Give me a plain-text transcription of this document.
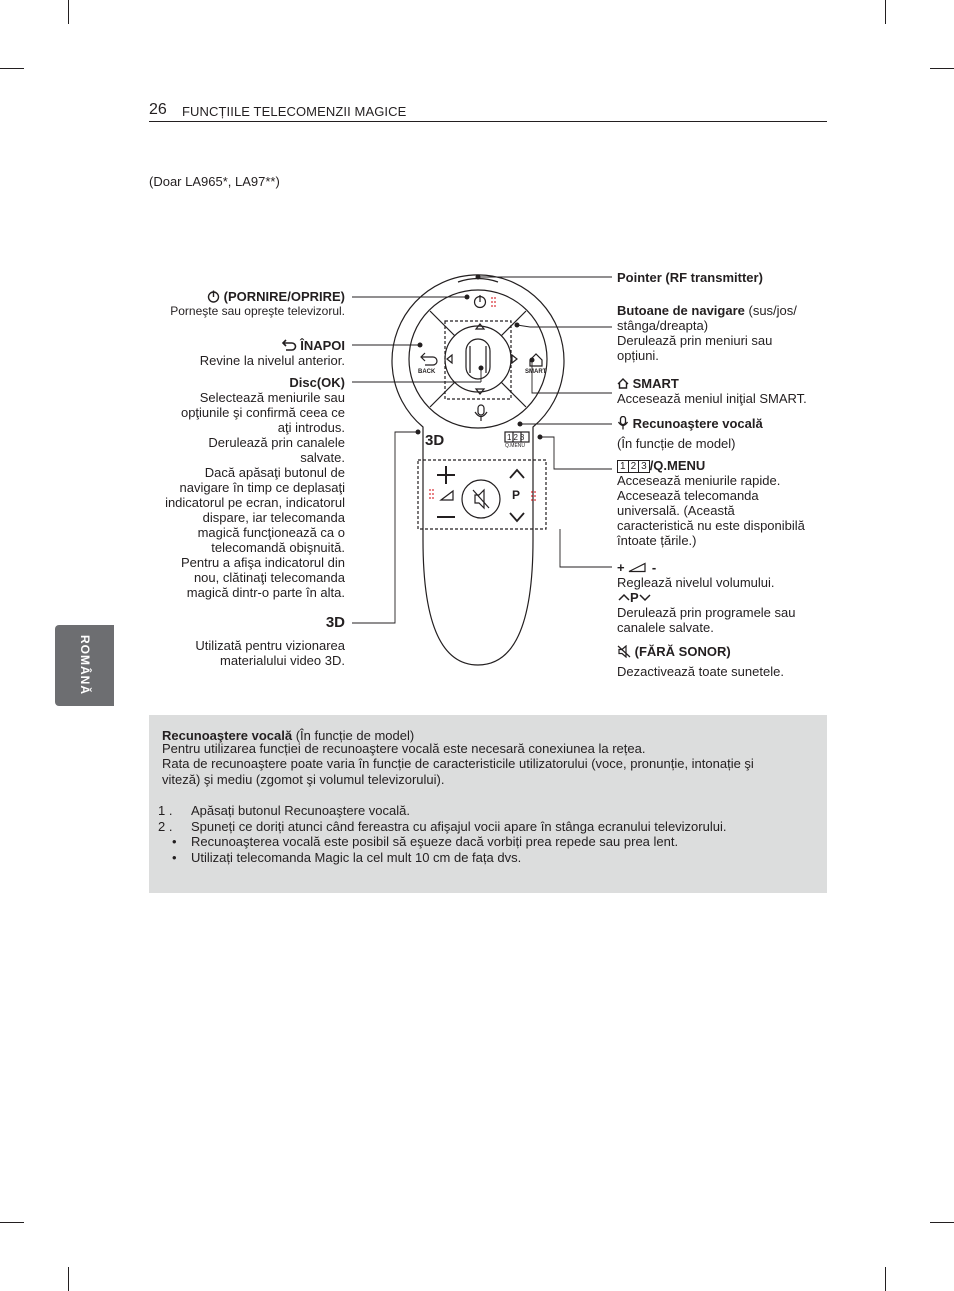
26 FUNCȚIILE TELECOMENZII MAGICE
(Doar LA965*, LA97**)
ROMÂNĂ
BACK	SMART
Q.MENU
123
P
3D
(PORNIRE/OPRIRE)
Porneşte sau opreşte televizorul.
ÎNAPOI
Revine la nivelul anterior.
Disc(OK)
Selectează meniurile sau
opţiunile şi confirmă ceea ce
aţi introdus.
Derulează prin canalele
salvate.
Dacă apăsaţi butonul de
navigare în timp ce deplasaţi
indicatorul pe ecran, indicatorul
dispare, iar telecomanda
magică funcţionează ca o
telecomandă obişnuită.
Pentru a afişa indicatorul din
nou, clătinaţi telecomanda
magică dintr-o parte în alta.
3D
Utilizată pentru vizionarea
materialului video 3D.
Pointer (RF transmitter)
Butoane de navigare (sus/jos/
stânga/dreapta)
Derulează prin meniuri sau
opțiuni.
SMART
Accesează meniul iniţial SMART.
Recunoaştere vocală
(În funcție de model)
1 2 3 /Q.MENU
Accesează meniurile rapide.
Accesează telecomanda
universală. (Această
caracteristică nu este disponibilă
întoate țările.)
+ -
Reglează nivelul volumului.
P
Derulează prin programele sau
canalele salvate.
(FĂRĂ SONOR)
Dezactivează toate sunetele.
Recunoaştere vocală (În funcție de model)
Pentru utilizarea funcției de recunoaştere vocală este necesară conexiunea la rețea.
Rata de recunoaştere poate varia în funcție de caracteristicile utilizatorului (voce, pronunție, intonație şi
viteză) şi mediu (zgomot şi volumul televizorului).
1 . Apăsați butonul Recunoaştere vocală.
2 . Spuneți ce doriți atunci când fereastra cu afişajul vocii apare în stânga ecranului televizorului.
• Recunoaşterea vocală este posibil să eşueze dacă vorbiți prea repede sau prea lent.
• Utilizați telecomanda Magic la cel mult 10 cm de fața dvs.
